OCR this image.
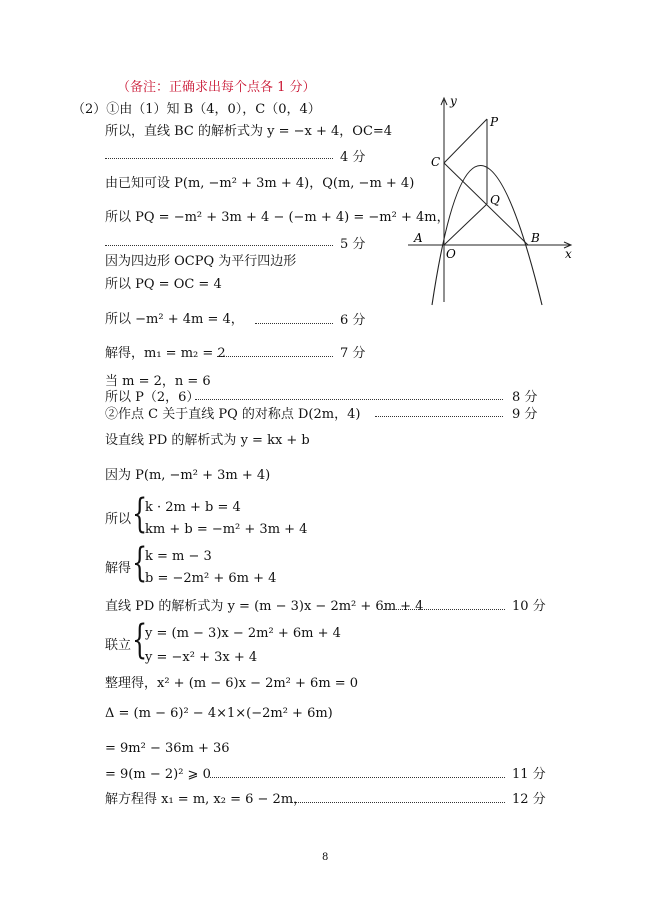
（备注：正确求出每个点各 1 分）
（2）①由（1）知 B（4，0），C（0，4）
所以，直线 BC 的解析式为 y = −x + 4，OC=4
4 分
由已知可设 P(m, −m² + 3m + 4)，Q(m, −m + 4)
所以 PQ = −m² + 3m + 4 − (−m + 4) = −m² + 4m，
5 分
因为四边形 OCPQ 为平行四边形
所以 PQ = OC = 4
所以 −m² + 4m = 4，	6 分
解得，m₁ = m₂ = 2	7 分
当 m = 2，n = 6
所以 P（2，6）	8 分
②作点 C 关于直线 PQ 的对称点 D(2m，4)	9 分
设直线 PD 的解析式为 y = kx + b
因为 P(m, −m² + 3m + 4)
所以 {
k · 2m + b = 4
km + b = −m² + 3m + 4
解得 {
k = m − 3
b = −2m² + 6m + 4
直线 PD 的解析式为 y = (m − 3)x − 2m² + 6m + 4	10 分
联立 {
y = (m − 3)x − 2m² + 6m + 4
y = −x² + 3x + 4
整理得，x² + (m − 6)x − 2m² + 6m = 0
Δ = (m − 6)² − 4×1×(−2m² + 6m)
= 9m² − 36m + 36
= 9(m − 2)² ⩾ 0	11 分
解方程得 x₁ = m, x₂ = 6 − 2m，	12 分
8
y
x
P
C
Q
A
O
B
